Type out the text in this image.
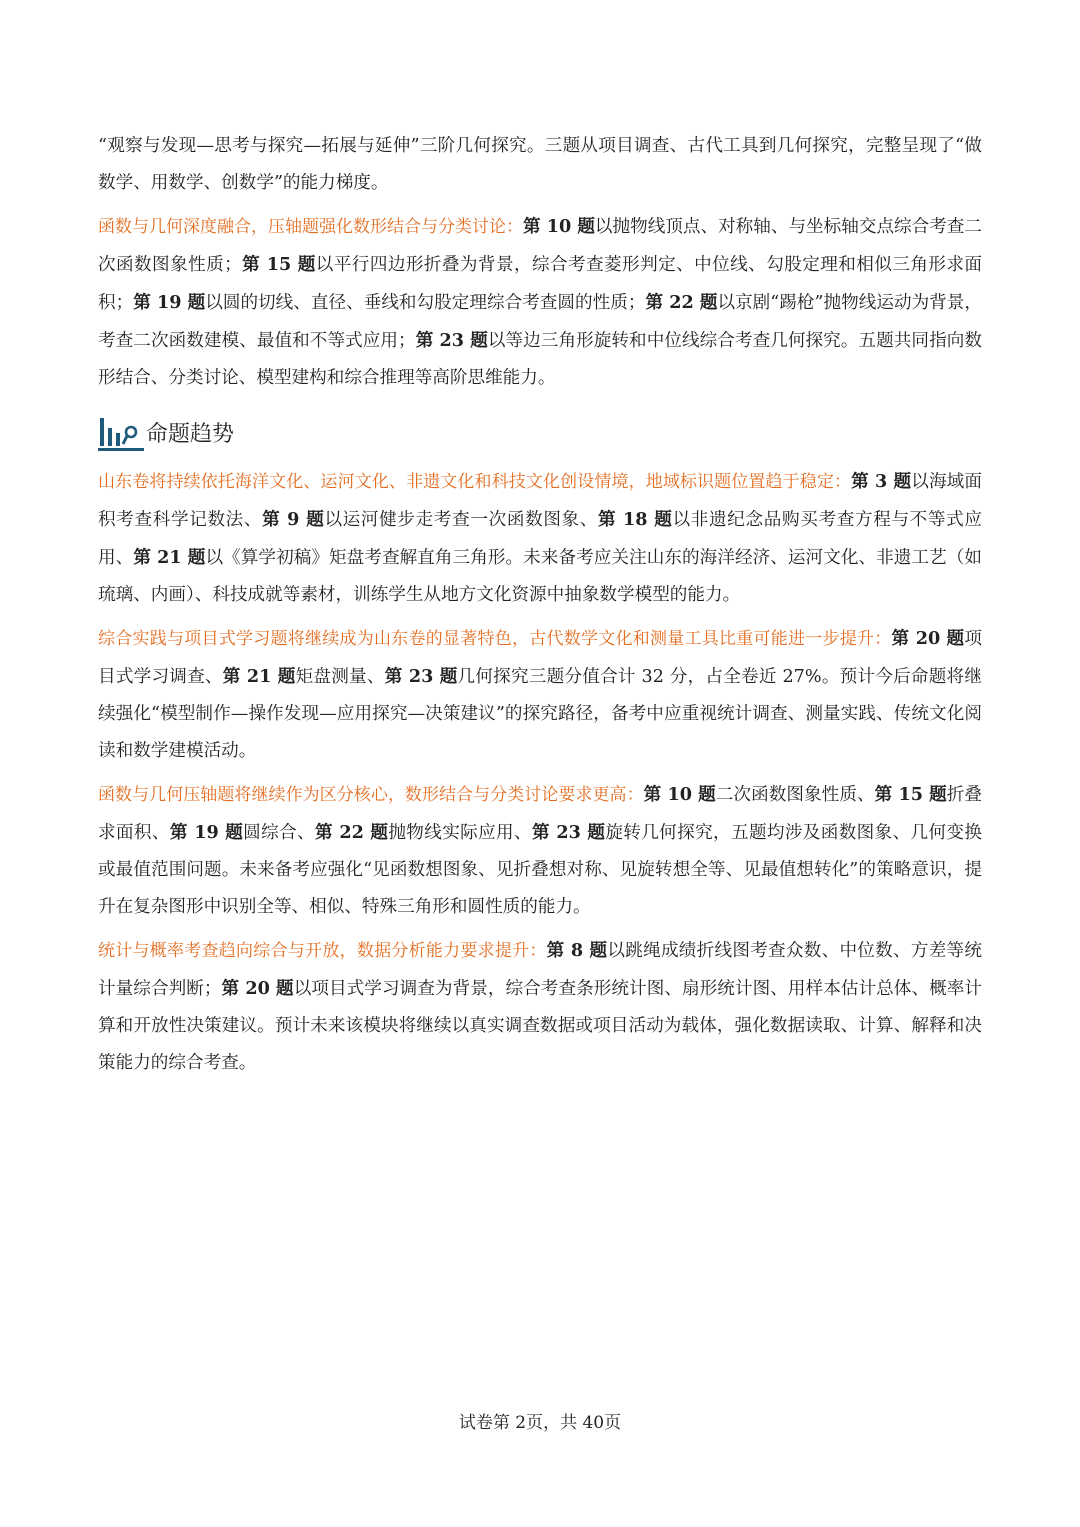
“观察与发现—思考与探究—拓展与延伸”三阶几何探究。三题从项目调查、古代工具到几何探究，完整呈现了“做数学、用数学、创数学”的能力梯度。

函数与几何深度融合，压轴题强化数形结合与分类讨论：第 10 题以抛物线顶点、对称轴、与坐标轴交点综合考查二次函数图象性质；第 15 题以平行四边形折叠为背景，综合考查菱形判定、中位线、勾股定理和相似三角形求面积；第 19 题以圆的切线、直径、垂线和勾股定理综合考查圆的性质；第 22 题以京剧“踢枪”抛物线运动为背景，考查二次函数建模、最值和不等式应用；第 23 题以等边三角形旋转和中位线综合考查几何探究。五题共同指向数形结合、分类讨论、模型建构和综合推理等高阶思维能力。

命题趋势

山东卷将持续依托海洋文化、运河文化、非遗文化和科技文化创设情境，地域标识题位置趋于稳定：第 3 题以海域面积考查科学记数法、第 9 题以运河健步走考查一次函数图象、第 18 题以非遗纪念品购买考查方程与不等式应用、第 21 题以《算学初稿》矩盘考查解直角三角形。未来备考应关注山东的海洋经济、运河文化、非遗工艺（如琉璃、内画）、科技成就等素材，训练学生从地方文化资源中抽象数学模型的能力。

综合实践与项目式学习题将继续成为山东卷的显著特色，古代数学文化和测量工具比重可能进一步提升：第 20 题项目式学习调查、第 21 题矩盘测量、第 23 题几何探究三题分值合计 32 分，占全卷近 27%。预计今后命题将继续强化“模型制作—操作发现—应用探究—决策建议”的探究路径，备考中应重视统计调查、测量实践、传统文化阅读和数学建模活动。

函数与几何压轴题将继续作为区分核心，数形结合与分类讨论要求更高：第 10 题二次函数图象性质、第 15 题折叠求面积、第 19 题圆综合、第 22 题抛物线实际应用、第 23 题旋转几何探究，五题均涉及函数图象、几何变换或最值范围问题。未来备考应强化“见函数想图象、见折叠想对称、见旋转想全等、见最值想转化”的策略意识，提升在复杂图形中识别全等、相似、特殊三角形和圆性质的能力。

统计与概率考查趋向综合与开放，数据分析能力要求提升：第 8 题以跳绳成绩折线图考查众数、中位数、方差等统计量综合判断；第 20 题以项目式学习调查为背景，综合考查条形统计图、扇形统计图、用样本估计总体、概率计算和开放性决策建议。预计未来该模块将继续以真实调查数据或项目活动为载体，强化数据读取、计算、解释和决策能力的综合考查。

试卷第 2页，共 40页
